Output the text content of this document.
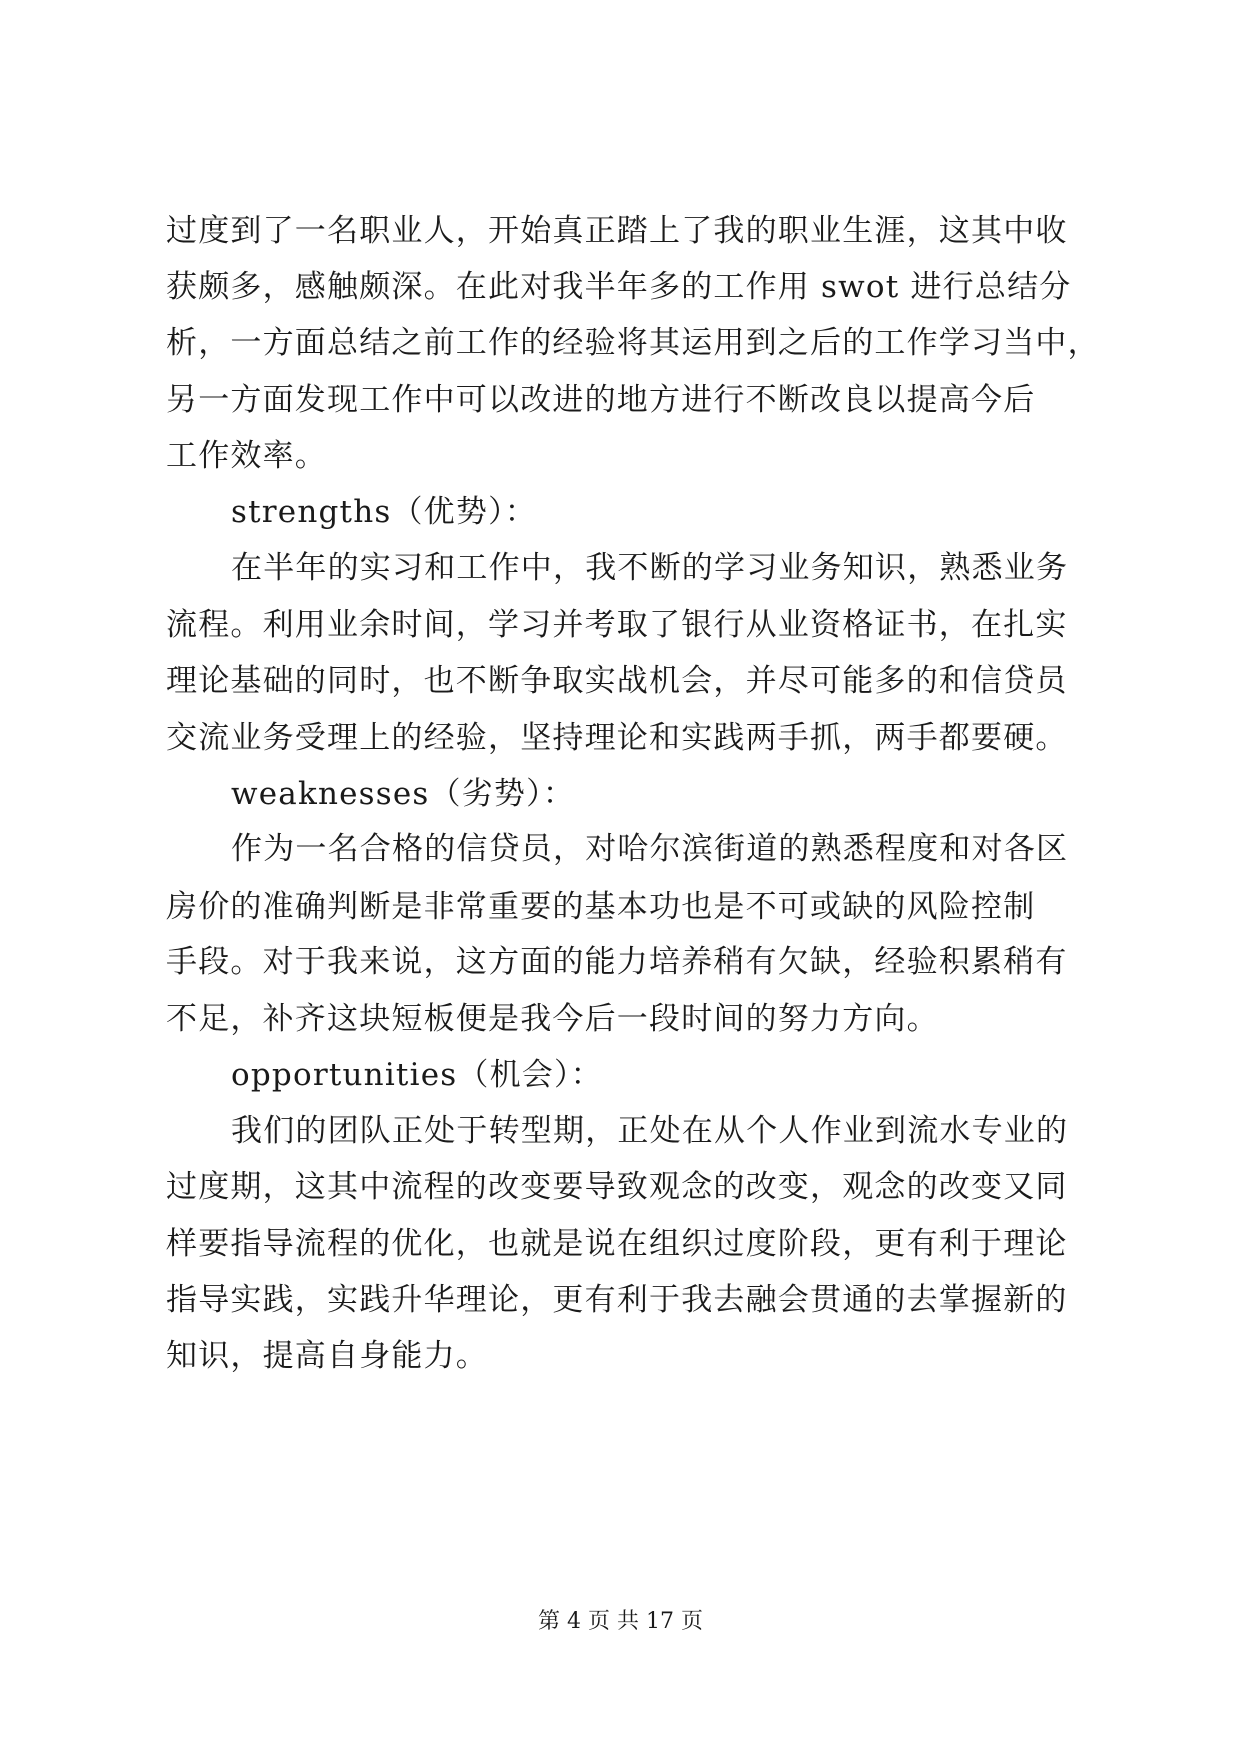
过度到了一名职业人，开始真正踏上了我的职业生涯，这其中收
获颇多，感触颇深。在此对我半年多的工作用 swot 进行总结分
析，一方面总结之前工作的经验将其运用到之后的工作学习当中，
另一方面发现工作中可以改进的地方进行不断改良以提高今后
工作效率。
strengths（优势）：
在半年的实习和工作中，我不断的学习业务知识，熟悉业务
流程。利用业余时间，学习并考取了银行从业资格证书，在扎实
理论基础的同时，也不断争取实战机会，并尽可能多的和信贷员
交流业务受理上的经验，坚持理论和实践两手抓，两手都要硬。
weaknesses（劣势）：
作为一名合格的信贷员，对哈尔滨街道的熟悉程度和对各区
房价的准确判断是非常重要的基本功也是不可或缺的风险控制
手段。对于我来说，这方面的能力培养稍有欠缺，经验积累稍有
不足，补齐这块短板便是我今后一段时间的努力方向。
opportunities（机会）：
我们的团队正处于转型期，正处在从个人作业到流水专业的
过度期，这其中流程的改变要导致观念的改变，观念的改变又同
样要指导流程的优化，也就是说在组织过度阶段，更有利于理论
指导实践，实践升华理论，更有利于我去融会贯通的去掌握新的
知识，提高自身能力。
第 4 页 共 17 页
